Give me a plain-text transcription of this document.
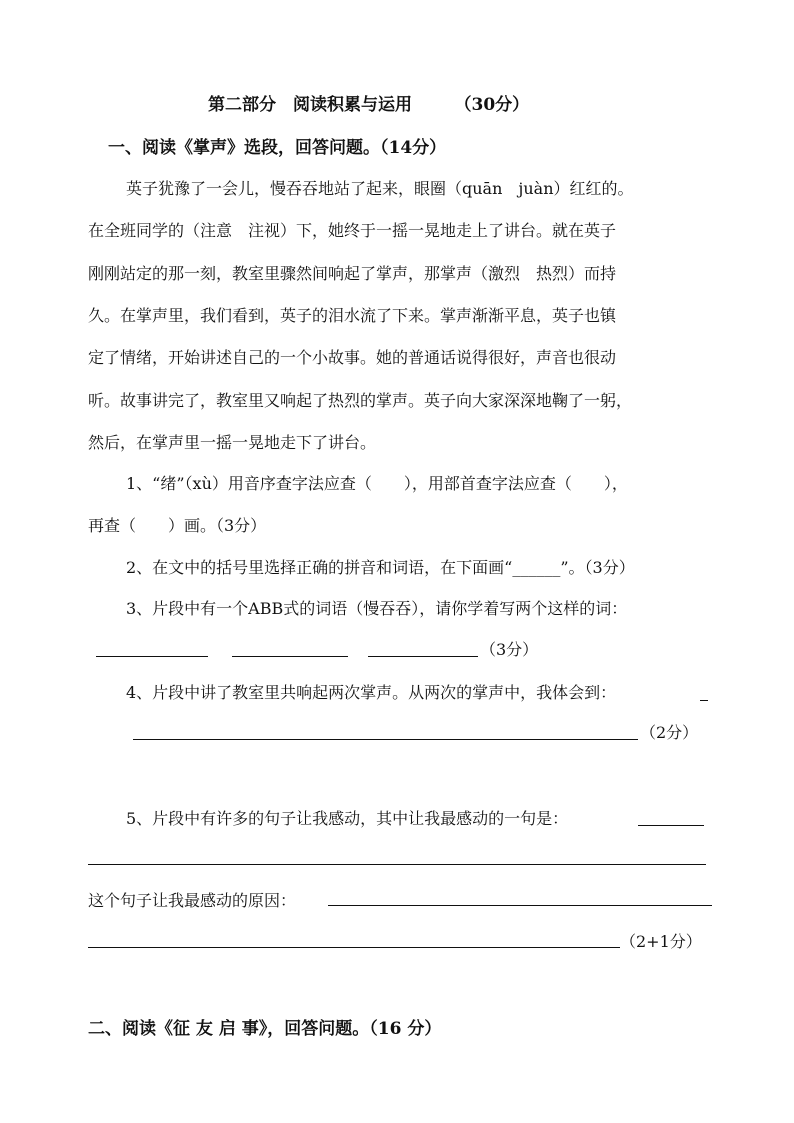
第二部分　阅读积累与运用　　　（30分）
一、阅读《掌声》选段，回答问题。（14分）
英子犹豫了一会儿，慢吞吞地站了起来，眼圈（quān　juàn）红红的。
在全班同学的（注意　注视）下，她终于一摇一晃地走上了讲台。就在英子
刚刚站定的那一刻，教室里骤然间响起了掌声，那掌声（激烈　热烈）而持
久。在掌声里，我们看到，英子的泪水流了下来。掌声渐渐平息，英子也镇
定了情绪，开始讲述自己的一个小故事。她的普通话说得很好，声音也很动
听。故事讲完了，教室里又响起了热烈的掌声。英子向大家深深地鞠了一躬，
然后，在掌声里一摇一晃地走下了讲台。
1、“绪”（xù）用音序查字法应查（　　），用部首查字法应查（　　），
再查（　　）画。（3分）
2、在文中的括号里选择正确的拼音和词语，在下面画“______”。（3分）
3、片段中有一个ABB式的词语（慢吞吞），请你学着写两个这样的词：
（3分）
4、片段中讲了教室里共响起两次掌声。从两次的掌声中，我体会到：
（2分）
5、片段中有许多的句子让我感动，其中让我最感动的一句是：
这个句子让我最感动的原因：
（2+1分）
二、阅读《征 友 启 事》，回答问题。（16 分）
